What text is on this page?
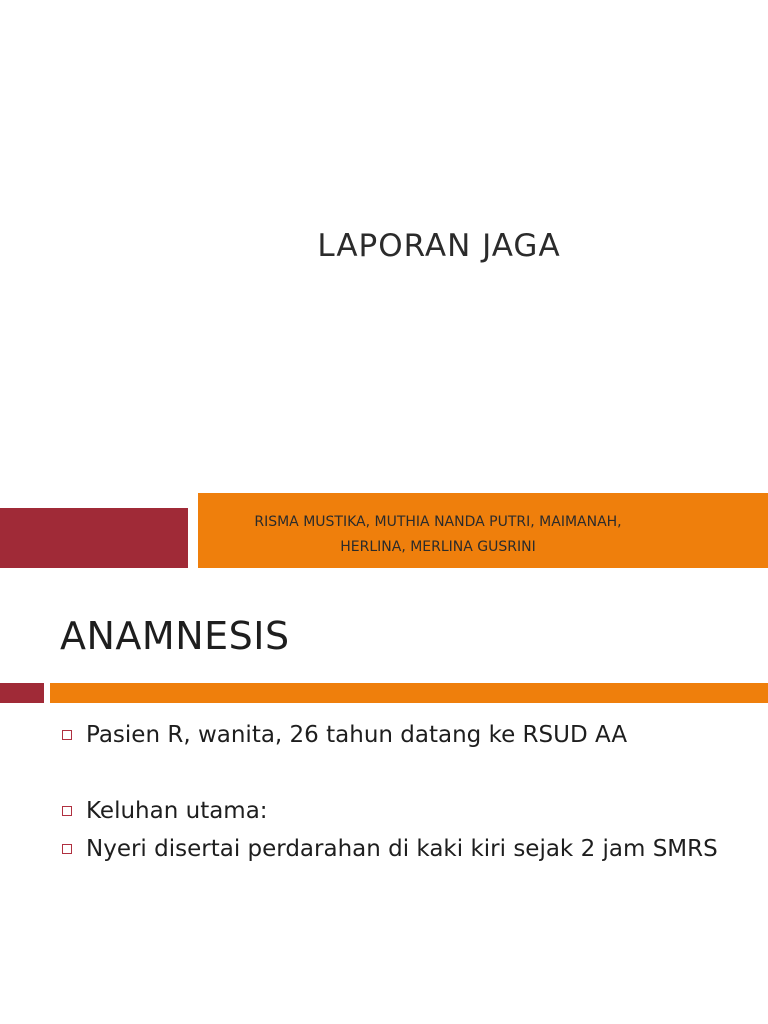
LAPORAN JAGA
RISMA MUSTIKA, MUTHIA NANDA PUTRI, MAIMANAH,
HERLINA, MERLINA GUSRINI
ANAMNESIS
Pasien R, wanita, 26 tahun datang ke RSUD AA
Keluhan utama:
Nyeri disertai perdarahan di kaki kiri sejak 2 jam SMRS
